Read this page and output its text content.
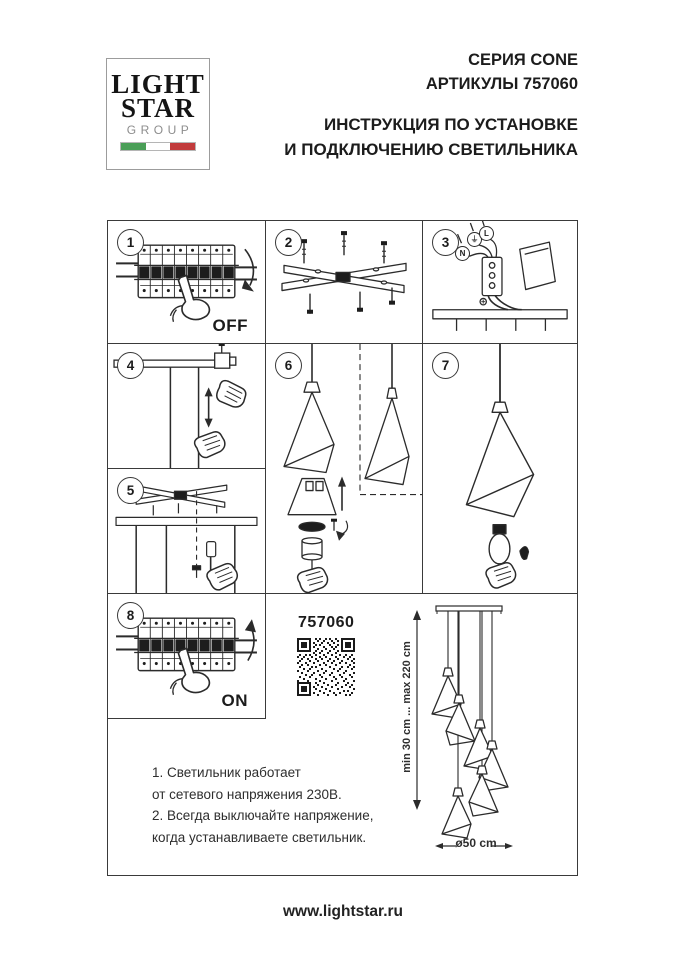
LIGHT
STAR
GROUP
СЕРИЯ CONE
АРТИКУЛЫ 757060
ИНСТРУКЦИЯ ПО УСТАНОВКЕ
И ПОДКЛЮЧЕНИЮ СВЕТИЛЬНИКА
1
OFF
2	3
N
⏚
L
4	6	7
5
8
ON
757060
1. Светильник работает
от сетевого напряжения 230В.
2. Всегда выключайте напряжение,
когда устанавливаете светильник.
min 30 cm ... max 220 cm
ø50 cm
www.lightstar.ru
